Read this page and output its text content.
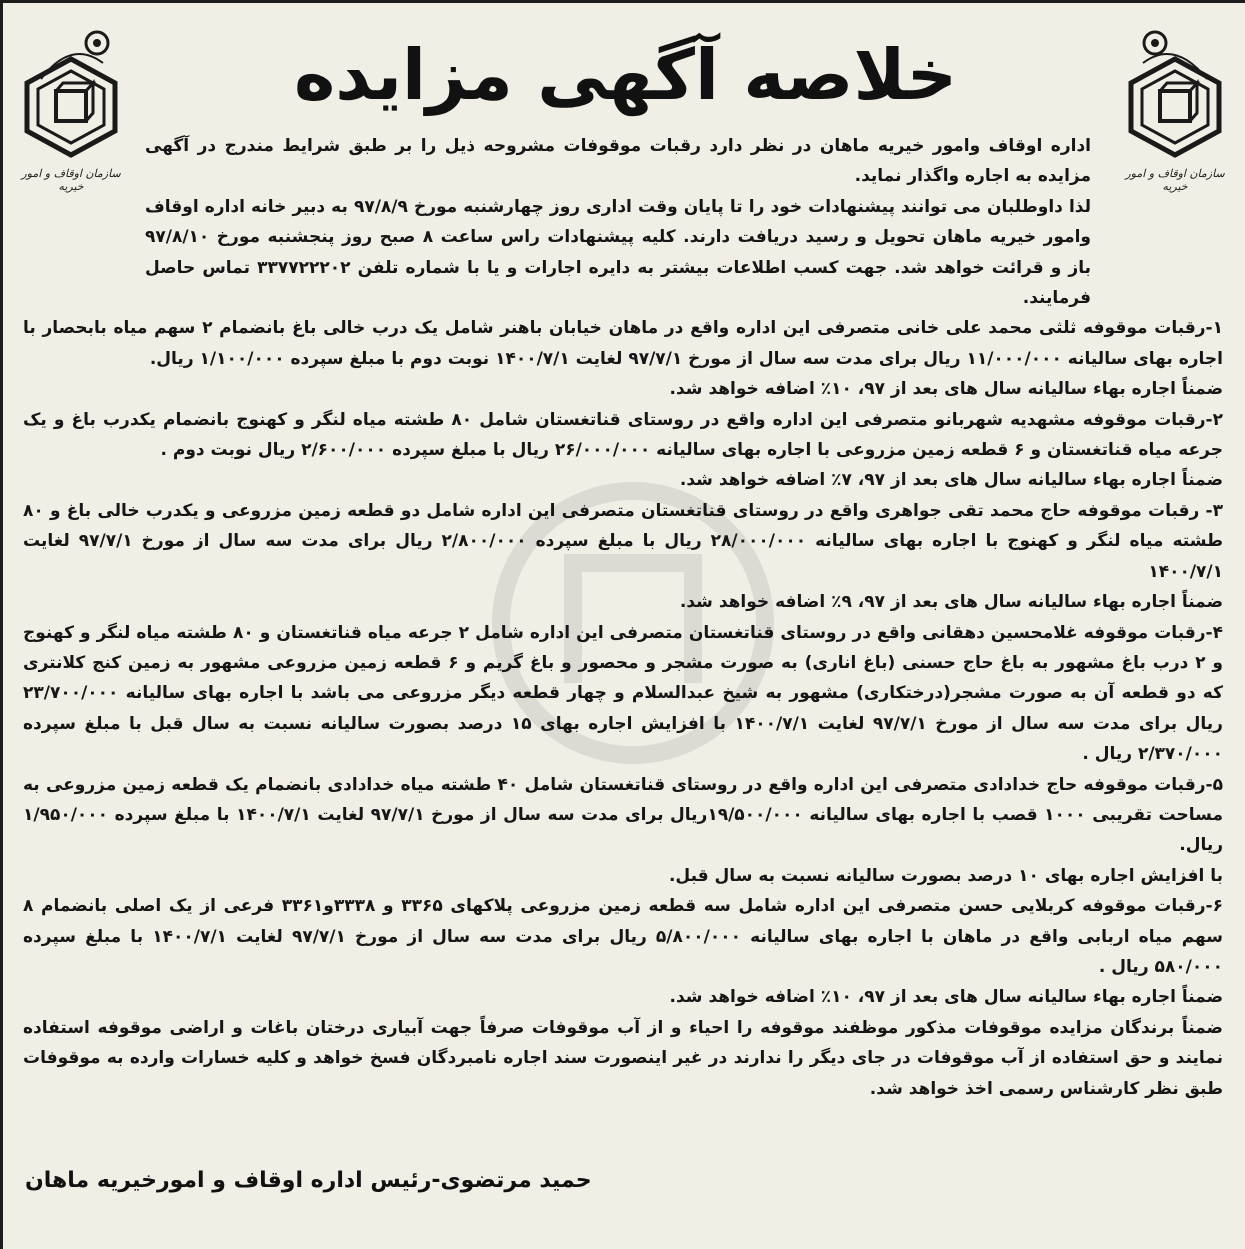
سازمان اوقاف و امور خیریه
سازمان اوقاف و امور خیریه
خلاصه آگهی مزایده

اداره اوقاف وامور خیریه ماهان در نظر دارد رقبات موقوفات مشروحه ذیل را بر طبق شرایط مندرج در آگهی مزایده به اجاره واگذار نماید.

لذا داوطلبان می توانند پیشنهادات خود را تا پایان وقت اداری روز چهارشنبه مورخ ۹۷/۸/۹ به دبیر خانه اداره اوقاف وامور خیریه ماهان تحویل و رسید دریافت دارند. کلیه پیشنهادات راس ساعت ۸ صبح روز پنجشنبه مورخ ۹۷/۸/۱۰ باز و قرائت خواهد شد. جهت کسب اطلاعات بیشتر به دایره اجارات و یا با شماره تلفن ۳۳۷۷۲۲۲۰۲ تماس حاصل فرمایند.

۱-رقبات موقوفه ثلثی محمد علی خانی متصرفی این اداره واقع در ماهان خیابان باهنر شامل یک درب خالی باغ بانضمام ۲ سهم میاه بابحصار با اجاره بهای سالیانه ۱۱/۰۰۰/۰۰۰ ریال برای مدت سه سال از مورخ ۹۷/۷/۱ لغایت ۱۴۰۰/۷/۱ نوبت دوم با مبلغ سپرده ۱/۱۰۰/۰۰۰ ریال.

ضمناً اجاره بهاء سالیانه سال های بعد از ۹۷، ۱۰٪ اضافه خواهد شد.

۲-رقبات موقوفه مشهدیه شهربانو متصرفی این اداره واقع در روستای قناتغستان شامل ۸۰ طشته میاه لنگر و کهنوج بانضمام یکدرب باغ و یک جرعه میاه قناتغستان و ۶ قطعه زمین مزروعی با اجاره بهای سالیانه ۲۶/۰۰۰/۰۰۰ ریال با مبلغ سپرده ۲/۶۰۰/۰۰۰ ریال نوبت دوم .

ضمناً اجاره بهاء سالیانه سال های بعد از ۹۷، ۷٪ اضافه خواهد شد.

۳- رقبات موقوفه حاج محمد تقی جواهری واقع در روستای قناتغستان متصرفی این اداره شامل دو قطعه زمین مزروعی و یکدرب خالی باغ و ۸۰ طشته میاه لنگر و کهنوج با اجاره بهای سالیانه ۲۸/۰۰۰/۰۰۰ ریال با مبلغ سپرده ۲/۸۰۰/۰۰۰ ریال برای مدت سه سال از مورخ ۹۷/۷/۱ لغایت ۱۴۰۰/۷/۱

ضمناً اجاره بهاء سالیانه سال های بعد از ۹۷، ۹٪ اضافه خواهد شد.

۴-رقبات موقوفه غلامحسین دهقانی واقع در روستای قناتغستان متصرفی این اداره شامل ۲ جرعه میاه قناتغستان و ۸۰ طشته میاه لنگر و کهنوج و ۲ درب باغ مشهور به باغ حاج حسنی (باغ اناری) به صورت مشجر و محصور و باغ گریم و ۶ قطعه زمین مزروعی مشهور به زمین کنج کلانتری که دو قطعه آن به صورت مشجر(درختکاری) مشهور به شیخ عبدالسلام و چهار قطعه دیگر مزروعی می باشد با اجاره بهای سالیانه ۲۳/۷۰۰/۰۰۰ ریال برای مدت سه سال از مورخ ۹۷/۷/۱ لغایت ۱۴۰۰/۷/۱ با افزایش اجاره بهای ۱۵ درصد بصورت سالیانه نسبت به سال قبل با مبلغ سپرده ۲/۳۷۰/۰۰۰ ریال .

۵-رقبات موقوفه حاج خدادادی متصرفی این اداره واقع در روستای قناتغستان شامل ۴۰ طشته میاه خدادادی بانضمام یک قطعه زمین مزروعی به مساحت تقریبی ۱۰۰۰ قصب با اجاره بهای سالیانه ۱۹/۵۰۰/۰۰۰ریال برای مدت سه سال از مورخ ۹۷/۷/۱ لغایت ۱۴۰۰/۷/۱ با مبلغ سپرده ۱/۹۵۰/۰۰۰ ریال.

با افزایش اجاره بهای ۱۰ درصد بصورت سالیانه نسبت به سال قبل.

۶-رقبات موقوفه کربلایی حسن متصرفی این اداره شامل سه قطعه زمین مزروعی پلاکهای ۳۳۶۵ و ۳۳۳۸و۳۳۶۱ فرعی از یک اصلی بانضمام ۸ سهم میاه اربابی واقع در ماهان با اجاره بهای سالیانه ۵/۸۰۰/۰۰۰ ریال برای مدت سه سال از مورخ ۹۷/۷/۱ لغایت ۱۴۰۰/۷/۱ با مبلغ سپرده ۵۸۰/۰۰۰ ریال .

ضمناً اجاره بهاء سالیانه سال های بعد از ۹۷، ۱۰٪ اضافه خواهد شد.

ضمناً برندگان مزایده موقوفات مذکور موظفند موقوفه را احیاء و از آب موقوفات صرفاً جهت آبیاری درختان باغات و اراضی موقوفه استفاده نمایند و حق استفاده از آب موقوفات در جای دیگر را ندارند در غیر اینصورت سند اجاره نامبردگان فسخ خواهد و کلیه خسارات وارده به موقوفات طبق نظر کارشناس رسمی اخذ خواهد شد.

حمید مرتضوی-رئیس اداره اوقاف و امورخیریه ماهان
